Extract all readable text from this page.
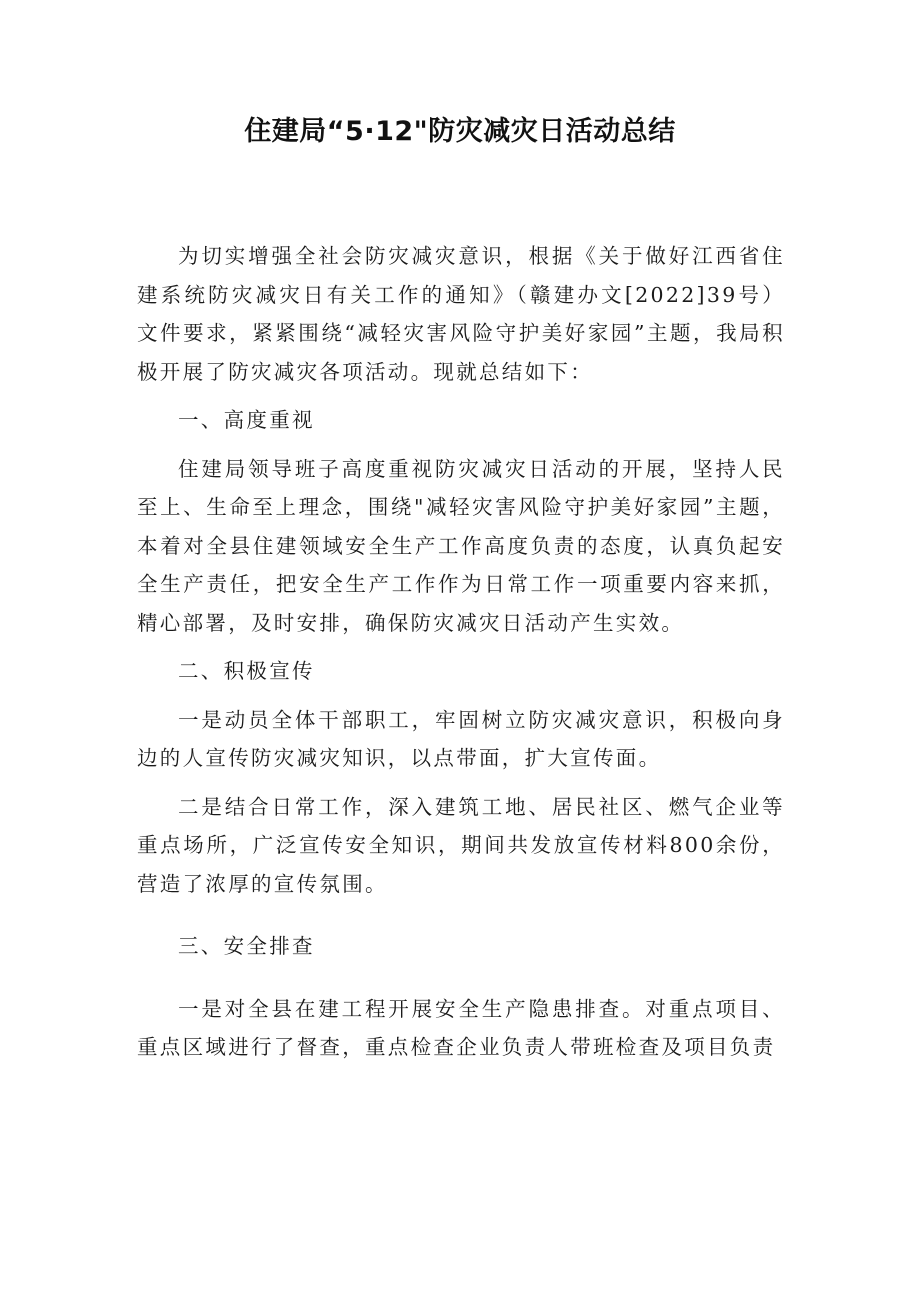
住建局“5·12"防灾减灾日活动总结

为切实增强全社会防灾减灾意识，根据《关于做好江西省住建系统防灾减灾日有关工作的通知》（赣建办文[2022]39号）文件要求，紧紧围绕“减轻灾害风险守护美好家园”主题，我局积极开展了防灾减灾各项活动。现就总结如下：

一、高度重视

住建局领导班子高度重视防灾减灾日活动的开展，坚持人民至上、生命至上理念，围绕"减轻灾害风险守护美好家园”主题，本着对全县住建领域安全生产工作高度负责的态度，认真负起安全生产责任，把安全生产工作作为日常工作一项重要内容来抓，精心部署，及时安排，确保防灾减灾日活动产生实效。

二、积极宣传

一是动员全体干部职工，牢固树立防灾减灾意识，积极向身边的人宣传防灾减灾知识，以点带面，扩大宣传面。

二是结合日常工作，深入建筑工地、居民社区、燃气企业等重点场所，广泛宣传安全知识，期间共发放宣传材料800余份，营造了浓厚的宣传氛围。

三、安全排查

一是对全县在建工程开展安全生产隐患排查。对重点项目、重点区域进行了督查，重点检查企业负责人带班检查及项目负责
